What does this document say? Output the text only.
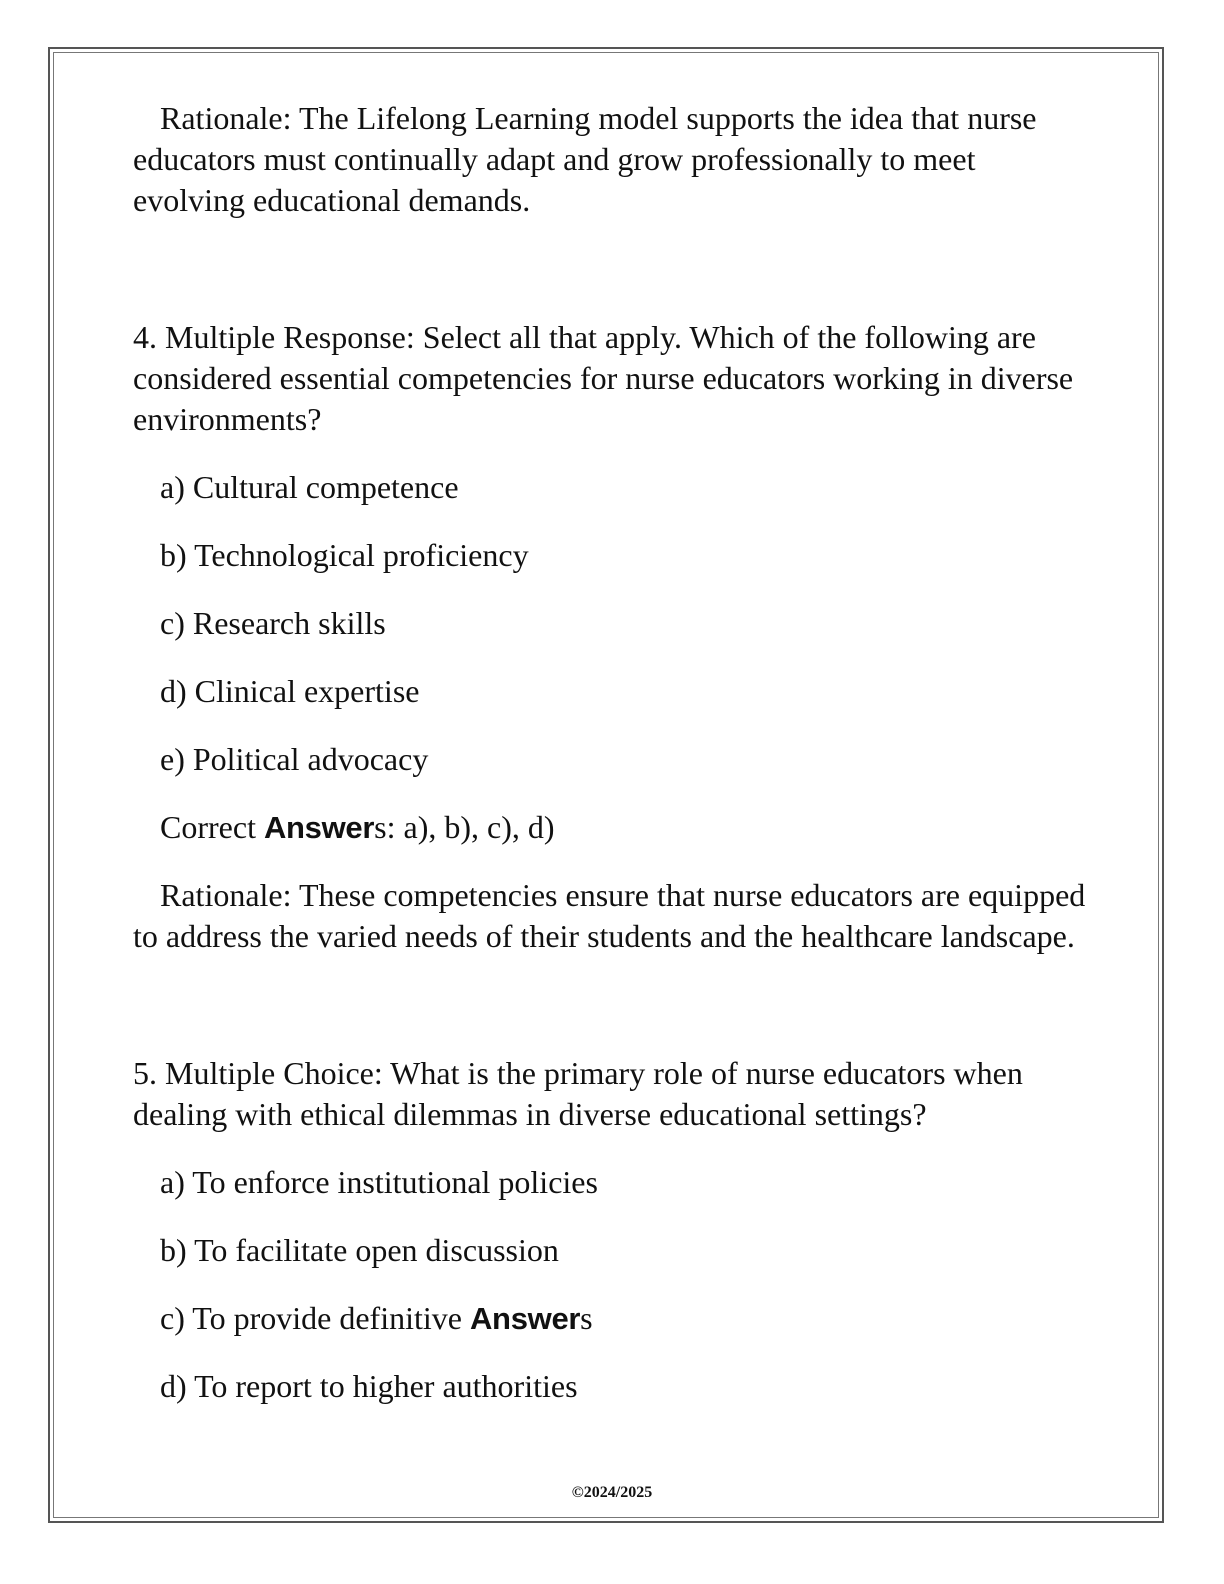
Rationale: The Lifelong Learning model supports the idea that nurse educators must continually adapt and grow professionally to meet evolving educational demands.

4. Multiple Response: Select all that apply. Which of the following are considered essential competencies for nurse educators working in diverse environments?

a) Cultural competence

b) Technological proficiency

c) Research skills

d) Clinical expertise

e) Political advocacy

Correct Answers: a), b), c), d)

Rationale: These competencies ensure that nurse educators are equipped to address the varied needs of their students and the healthcare landscape.

5. Multiple Choice: What is the primary role of nurse educators when dealing with ethical dilemmas in diverse educational settings?

a) To enforce institutional policies

b) To facilitate open discussion

c) To provide definitive Answers

d) To report to higher authorities

©2024/2025
